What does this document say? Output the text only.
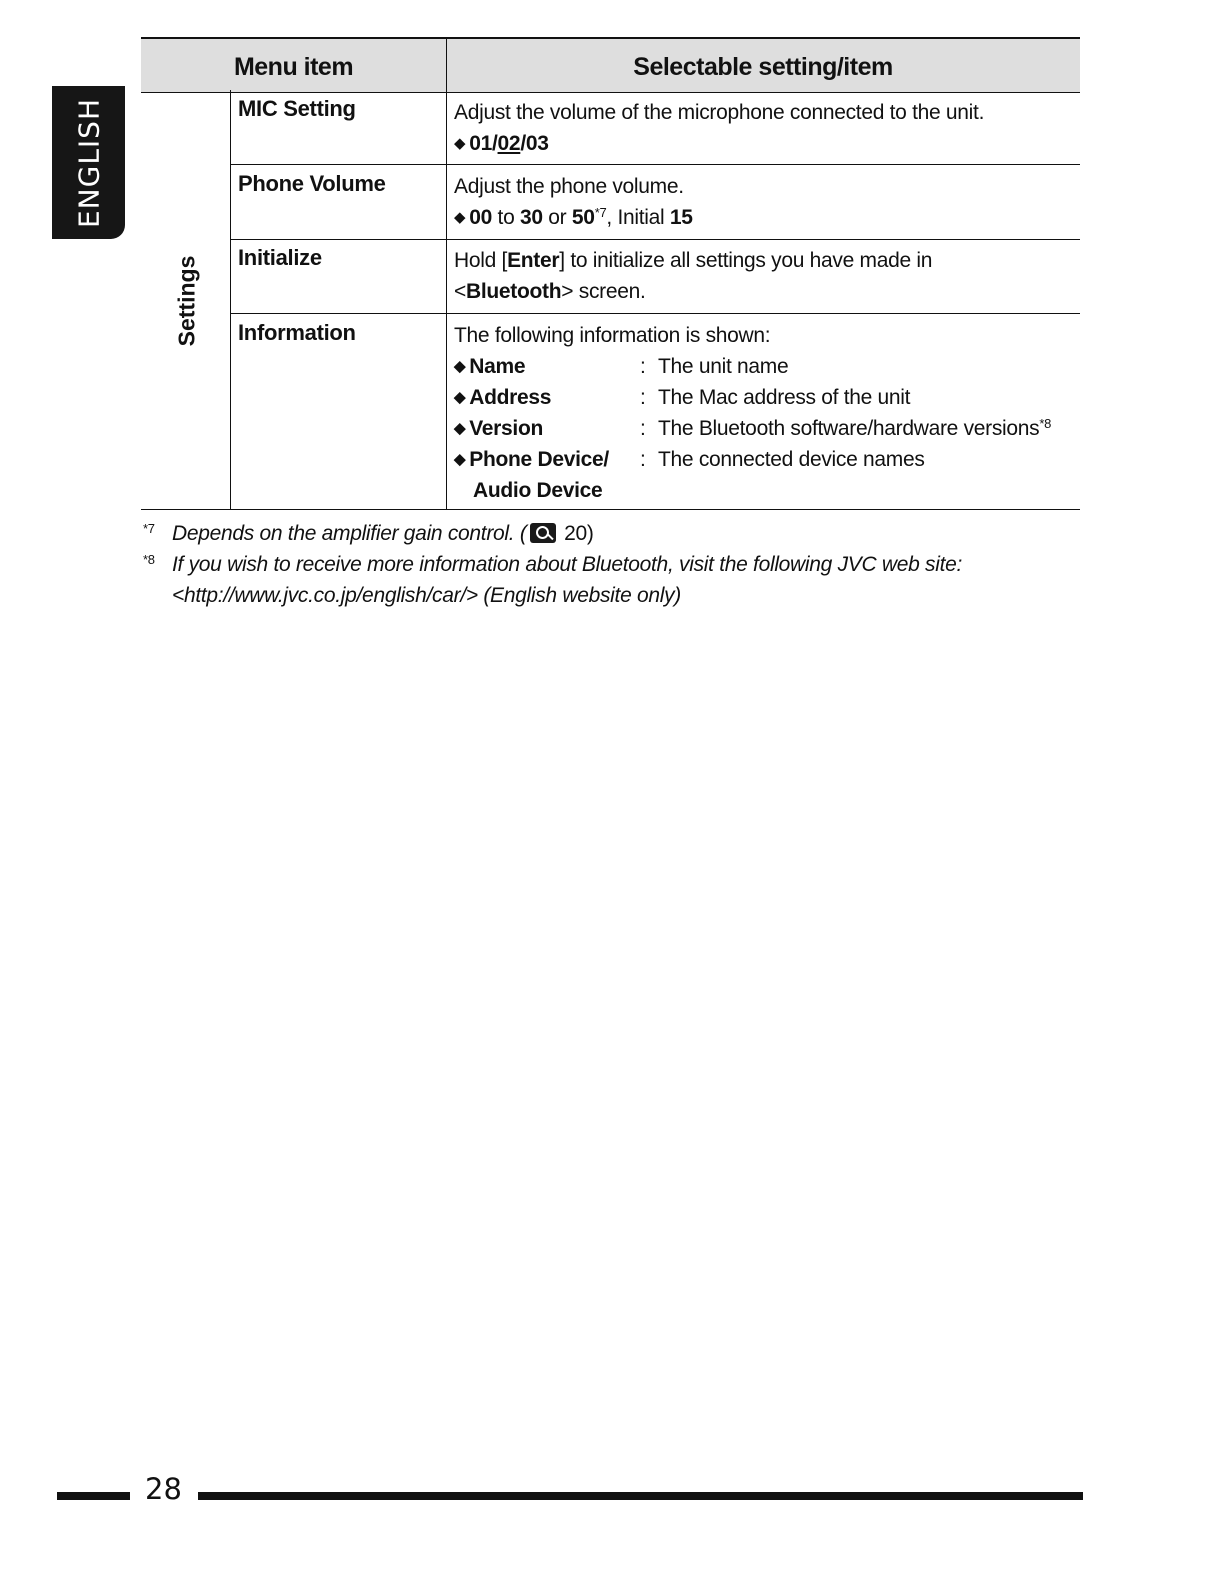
ENGLISH
Settings
Menu item	Selectable setting/item
MIC Setting	Adjust the volume of the microphone connected to the unit.
◆ 01/02/03
Phone Volume	Adjust the phone volume.
◆ 00 to 30 or 50$^{*7}$, Initial 15
Initialize	Hold [Enter] to initialize all settings you have made in <Bluetooth> screen.
Information	The following information is shown:
◆ Name	: The unit name
◆ Address	: The Mac address of the unit
◆ Version	: The Bluetooth software/hardware versions$^{*8}$
◆ Phone Device/ : The connected device names
Audio Device
$^{*7}$ Depends on the amplifier gain control. ( 20)
$^{*8}$ If you wish to receive more information about Bluetooth, visit the following JVC web site:
<http://www.jvc.co.jp/english/car/> (English website only)
28
